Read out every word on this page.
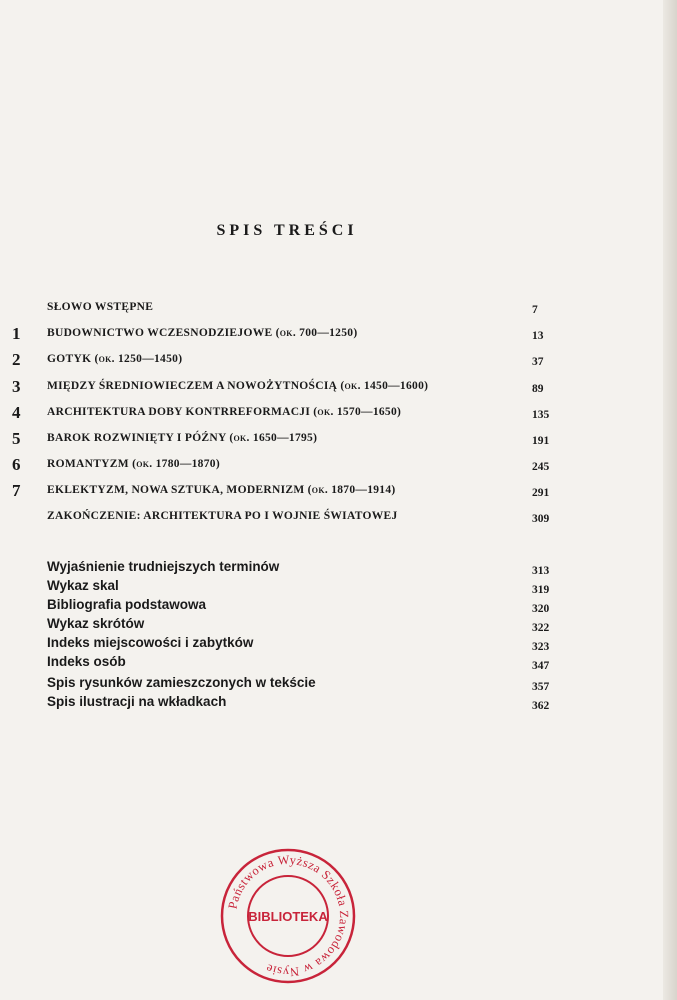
SPIS TREŚCI
SŁOWO WSTĘPNE	7
1	BUDOWNICTWO WCZESNODZIEJOWE (ok. 700—1250)	13
2	GOTYK (ok. 1250—1450)	37
3	MIĘDZY ŚREDNIOWIECZEM A NOWOŻYTNOŚCIĄ (ok. 1450—1600)	89
4	ARCHITEKTURA DOBY KONTRREFORMACJI (ok. 1570—1650)	135
5	BAROK ROZWINIĘTY I PÓŹNY (ok. 1650—1795)	191
6	ROMANTYZM (ok. 1780—1870)	245
7	EKLEKTYZM, NOWA SZTUKA, MODERNIZM (ok. 1870—1914)	291
ZAKOŃCZENIE: ARCHITEKTURA PO I WOJNIE ŚWIATOWEJ	309
Wyjaśnienie trudniejszych terminów	313
Wykaz skal	319
Bibliografia podstawowa	320
Wykaz skrótów	322
Indeks miejscowości i zabytków	323
Indeks osób	347
Spis rysunków zamieszczonych w tekście	357
Spis ilustracji na wkładkach	362
Państwowa Wyższa Szkoła Zawodowa w Nysie
BIBLIOTEKA
